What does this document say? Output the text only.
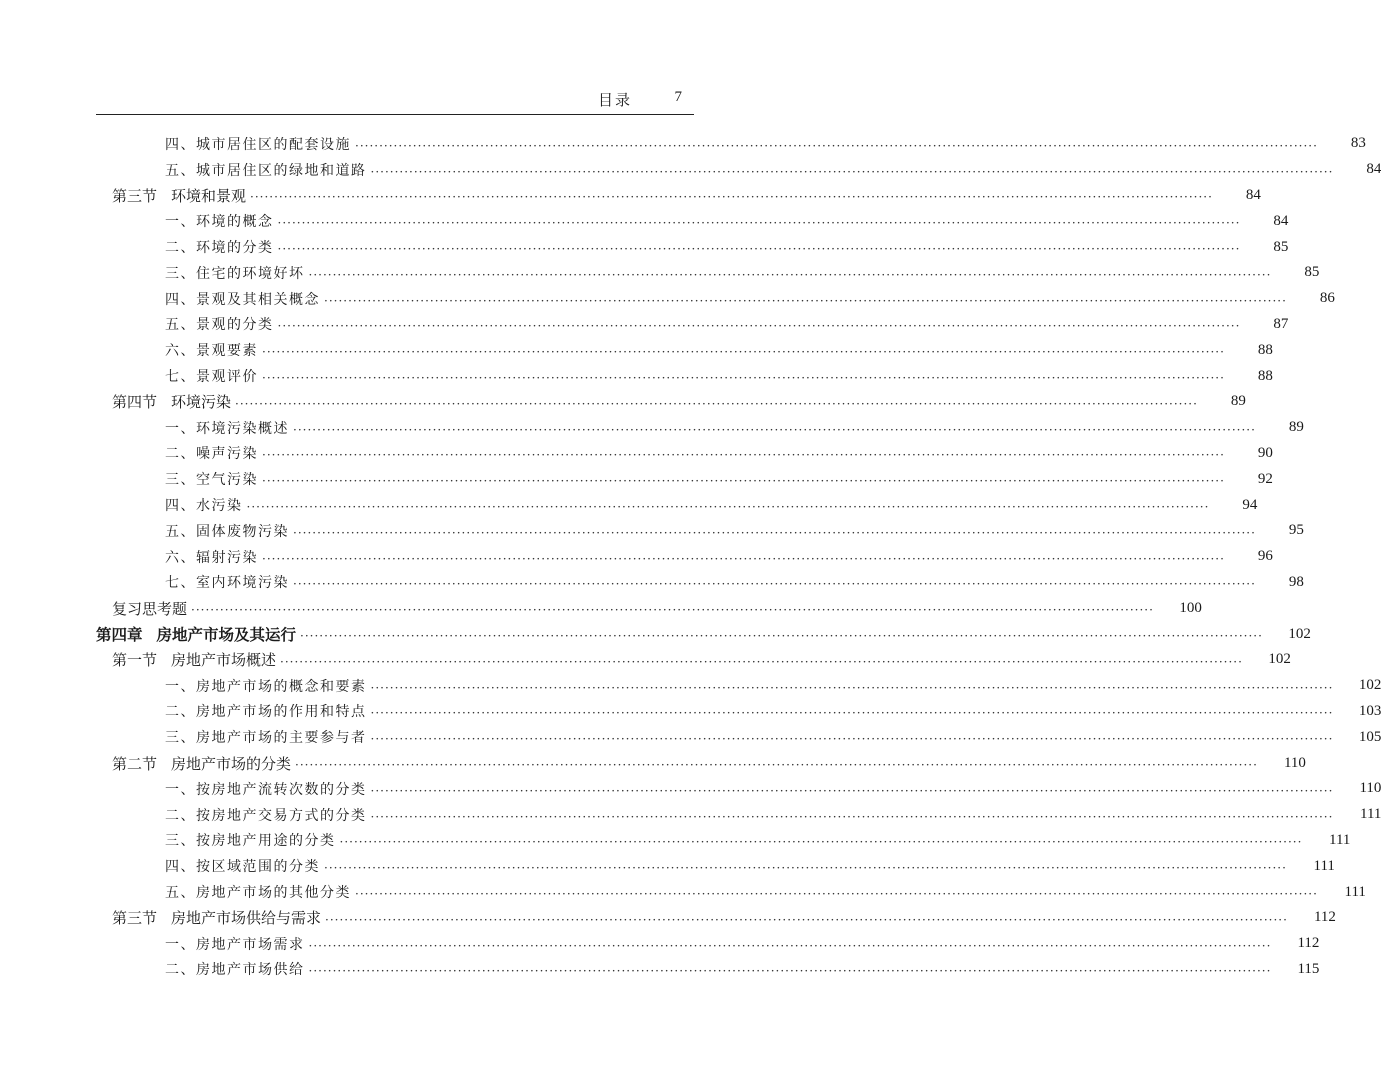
目录	7
四、城市居住区的配套设施 ········································································································································································································	83
五、城市居住区的绿地和道路 ········································································································································································································	84
第三节 环境和景观 ········································································································································································································	84
一、环境的概念 ········································································································································································································	84
二、环境的分类 ········································································································································································································	85
三、住宅的环境好坏 ········································································································································································································	85
四、景观及其相关概念 ········································································································································································································	86
五、景观的分类 ········································································································································································································	87
六、景观要素 ········································································································································································································	88
七、景观评价 ········································································································································································································	88
第四节 环境污染 ········································································································································································································	89
一、环境污染概述 ········································································································································································································	89
二、噪声污染 ········································································································································································································	90
三、空气污染 ········································································································································································································	92
四、水污染 ········································································································································································································	94
五、固体废物污染 ········································································································································································································	95
六、辐射污染 ········································································································································································································	96
七、室内环境污染 ········································································································································································································	98
复习思考题 ········································································································································································································	100
第四章 房地产市场及其运行 ········································································································································································································	102
第一节 房地产市场概述 ········································································································································································································	102
一、房地产市场的概念和要素 ········································································································································································································	102
二、房地产市场的作用和特点 ········································································································································································································	103
三、房地产市场的主要参与者 ········································································································································································································	105
第二节 房地产市场的分类 ········································································································································································································	110
一、按房地产流转次数的分类 ········································································································································································································	110
二、按房地产交易方式的分类 ········································································································································································································	111
三、按房地产用途的分类 ········································································································································································································	111
四、按区域范围的分类 ········································································································································································································	111
五、房地产市场的其他分类 ········································································································································································································	111
第三节 房地产市场供给与需求 ········································································································································································································	112
一、房地产市场需求 ········································································································································································································	112
二、房地产市场供给 ········································································································································································································	115
